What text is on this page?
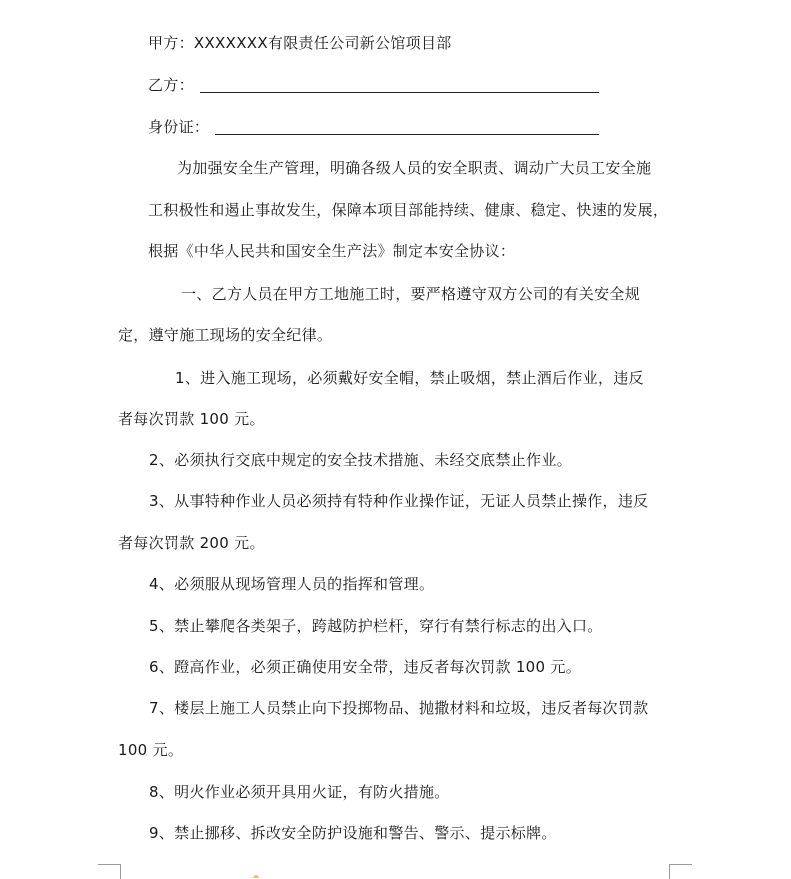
甲方：XXXXXXX有限责任公司新公馆项目部
乙方：
身份证：
为加强安全生产管理，明确各级人员的安全职责、调动广大员工安全施
工积极性和遏止事故发生，保障本项目部能持续、健康、稳定、快速的发展，
根据《中华人民共和国安全生产法》制定本安全协议：
一、乙方人员在甲方工地施工时，要严格遵守双方公司的有关安全规
定，遵守施工现场的安全纪律。
1、进入施工现场，必须戴好安全帽，禁止吸烟，禁止酒后作业，违反
者每次罚款 100 元。
2、必须执行交底中规定的安全技术措施、未经交底禁止作业。
3、从事特种作业人员必须持有特种作业操作证，无证人员禁止操作，违反
者每次罚款 200 元。
4、必须服从现场管理人员的指挥和管理。
5、禁止攀爬各类架子，跨越防护栏杆，穿行有禁行标志的出入口。
6、蹬高作业，必须正确使用安全带，违反者每次罚款 100 元。
7、楼层上施工人员禁止向下投掷物品、抛撒材料和垃圾，违反者每次罚款
100 元。
8、明火作业必须开具用火证，有防火措施。
9、禁止挪移、拆改安全防护设施和警告、警示、提示标牌。
